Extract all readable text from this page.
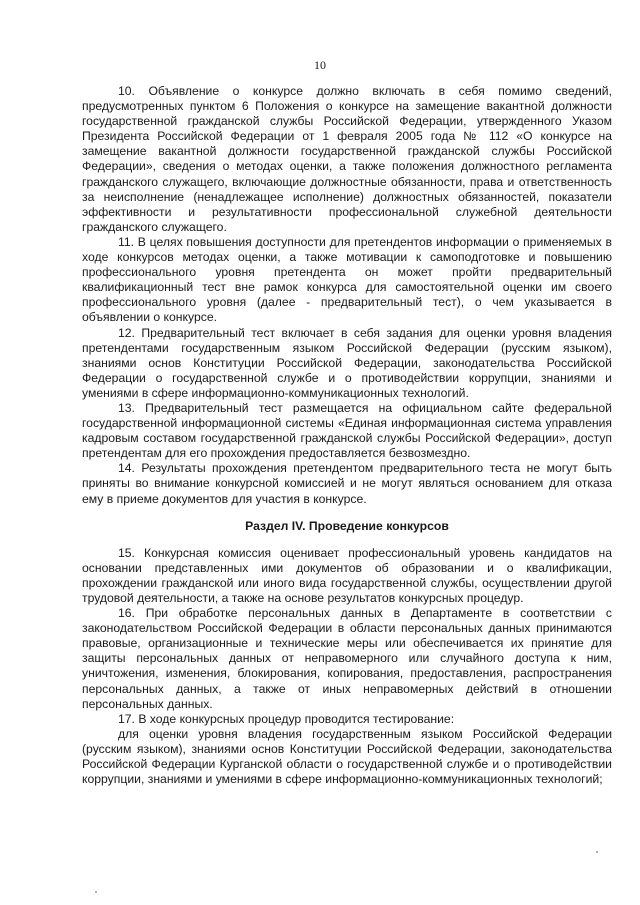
10

10. Объявление о конкурсе должно включать в себя помимо сведений, предусмотренных пунктом 6 Положения о конкурсе на замещение вакантной должности государственной гражданской службы Российской Федерации, утвержденного Указом Президента Российской Федерации от 1 февраля 2005 года № 112 «О конкурсе на замещение вакантной должности государственной гражданской службы Российской Федерации», сведения о методах оценки, а также положения должностного регламента гражданского служащего, включающие должностные обязанности, права и ответственность за неисполнение (ненадлежащее исполнение) должностных обязанностей, показатели эффективности и результативности профессиональной служебной деятельности гражданского служащего.

11. В целях повышения доступности для претендентов информации о применяемых в ходе конкурсов методах оценки, а также мотивации к самоподготовке и повышению профессионального уровня претендента он может пройти предварительный квалификационный тест вне рамок конкурса для самостоятельной оценки им своего профессионального уровня (далее - предварительный тест), о чем указывается в объявлении о конкурсе.

12. Предварительный тест включает в себя задания для оценки уровня владения претендентами государственным языком Российской Федерации (русским языком), знаниями основ Конституции Российской Федерации, законодательства Российской Федерации о государственной службе и о противодействии коррупции, знаниями и умениями в сфере информационно-коммуникационных технологий.

13. Предварительный тест размещается на официальном сайте федеральной государственной информационной системы «Единая информационная система управления кадровым составом государственной гражданской службы Российской Федерации», доступ претендентам для его прохождения предоставляется безвозмездно.

14. Результаты прохождения претендентом предварительного теста не могут быть приняты во внимание конкурсной комиссией и не могут являться основанием для отказа ему в приеме документов для участия в конкурсе.

Раздел IV. Проведение конкурсов

15. Конкурсная комиссия оценивает профессиональный уровень кандидатов на основании представленных ими документов об образовании и о квалификации, прохождении гражданской или иного вида государственной службы, осуществлении другой трудовой деятельности, а также на основе результатов конкурсных процедур.

16. При обработке персональных данных в Департаменте в соответствии с законодательством Российской Федерации в области персональных данных принимаются правовые, организационные и технические меры или обеспечивается их принятие для защиты персональных данных от неправомерного или случайного доступа к ним, уничтожения, изменения, блокирования, копирования, предоставления, распространения персональных данных, а также от иных неправомерных действий в отношении персональных данных.

17. В ходе конкурсных процедур проводится тестирование:

для оценки уровня владения государственным языком Российской Федерации (русским языком), знаниями основ Конституции Российской Федерации, законодательства Российской Федерации Курганской области о государственной службе и о противодействии коррупции, знаниями и умениями в сфере информационно-коммуникационных технологий;
